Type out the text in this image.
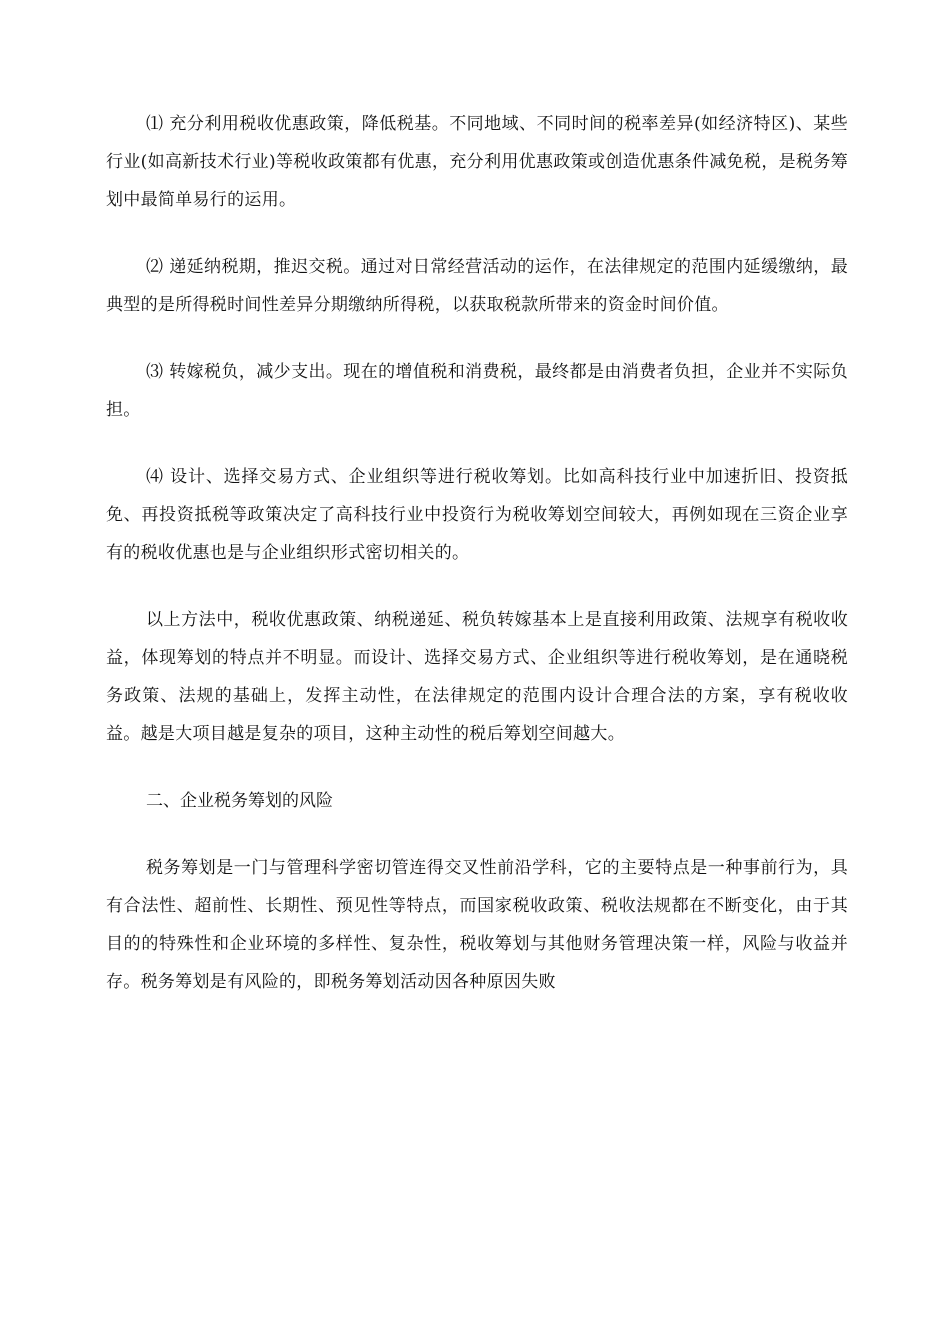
⑴ 充分利用税收优惠政策，降低税基。不同地域、不同时间的税率差异(如经济特区)、某些行业(如高新技术行业)等税收政策都有优惠，充分利用优惠政策或创造优惠条件减免税，是税务筹划中最简单易行的运用。

⑵ 递延纳税期，推迟交税。通过对日常经营活动的运作，在法律规定的范围内延缓缴纳，最典型的是所得税时间性差异分期缴纳所得税，以获取税款所带来的资金时间价值。

⑶ 转嫁税负，减少支出。现在的增值税和消费税，最终都是由消费者负担，企业并不实际负担。

⑷ 设计、选择交易方式、企业组织等进行税收筹划。比如高科技行业中加速折旧、投资抵免、再投资抵税等政策决定了高科技行业中投资行为税收筹划空间较大，再例如现在三资企业享有的税收优惠也是与企业组织形式密切相关的。

以上方法中，税收优惠政策、纳税递延、税负转嫁基本上是直接利用政策、法规享有税收收益，体现筹划的特点并不明显。而设计、选择交易方式、企业组织等进行税收筹划，是在通晓税务政策、法规的基础上，发挥主动性，在法律规定的范围内设计合理合法的方案，享有税收收益。越是大项目越是复杂的项目，这种主动性的税后筹划空间越大。

二、企业税务筹划的风险

税务筹划是一门与管理科学密切管连得交叉性前沿学科，它的主要特点是一种事前行为，具有合法性、超前性、长期性、预见性等特点，而国家税收政策、税收法规都在不断变化，由于其目的的特殊性和企业环境的多样性、复杂性，税收筹划与其他财务管理决策一样，风险与收益并存。税务筹划是有风险的，即税务筹划活动因各种原因失败
